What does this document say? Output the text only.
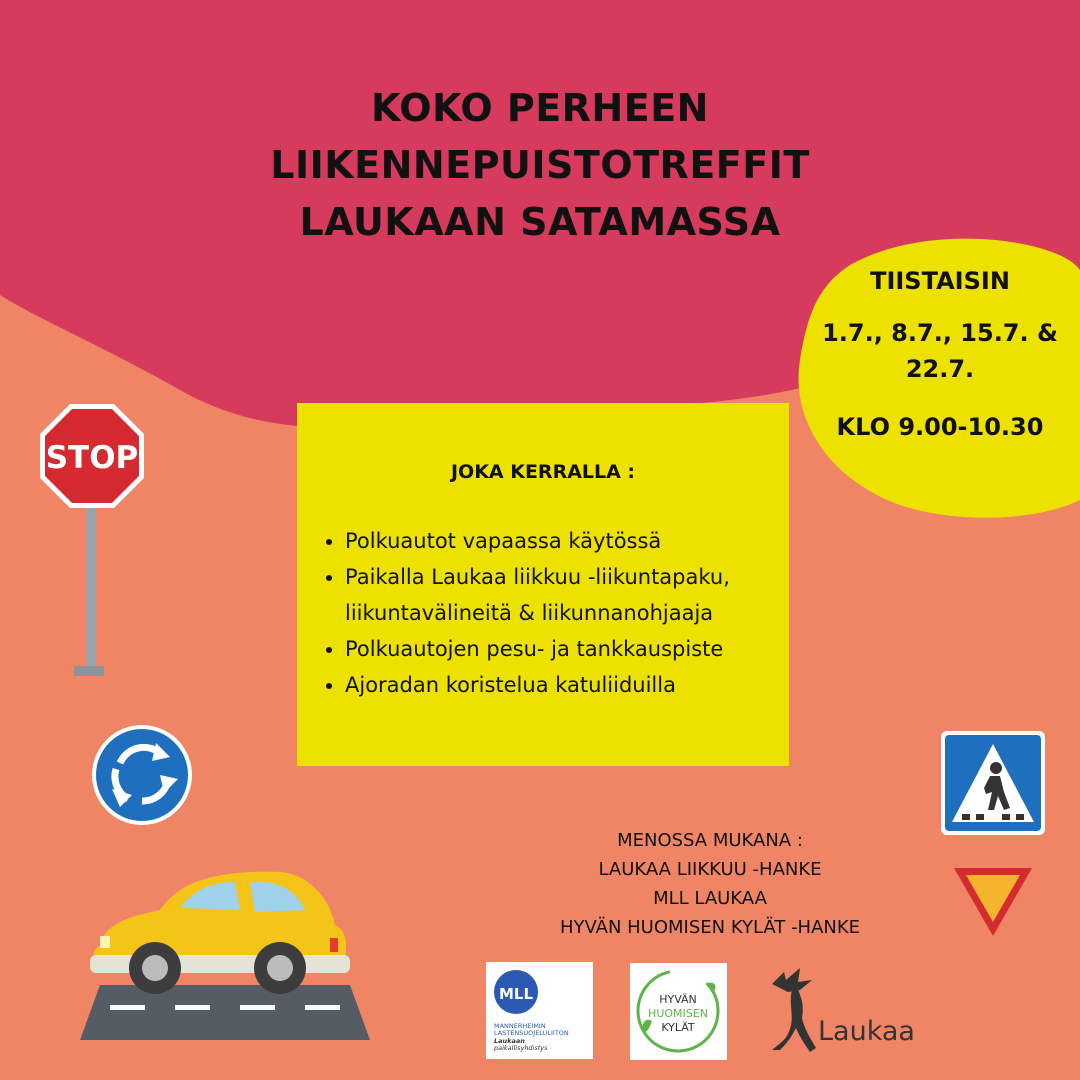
KOKO PERHEEN
LIIKENNEPUISTOTREFFIT
LAUKAAN SATAMASSA
TIISTAISIN
1.7., 8.7., 15.7. &
22.7.
KLO 9.00-10.30
JOKA KERRALLA :
• Polkuautot vapaassa käytössä
• Paikalla Laukaa liikkuu -liikuntapaku, liikuntavälineitä & liikunnanohjaaja
• Polkuautojen pesu- ja tankkauspiste
• Ajoradan koristelua katuliiduilla
STOP
MENOSSA MUKANA :
LAUKAA LIIKKUU -HANKE
MLL LAUKAA
HYVÄN HUOMISEN KYLÄT -HANKE
MLL
MANNERHEIMIN
LASTENSUOJELULIITON
Laukaan
paikallisyhdistys
HYVÄN
HUOMISEN
KYLÄT	Laukaa
